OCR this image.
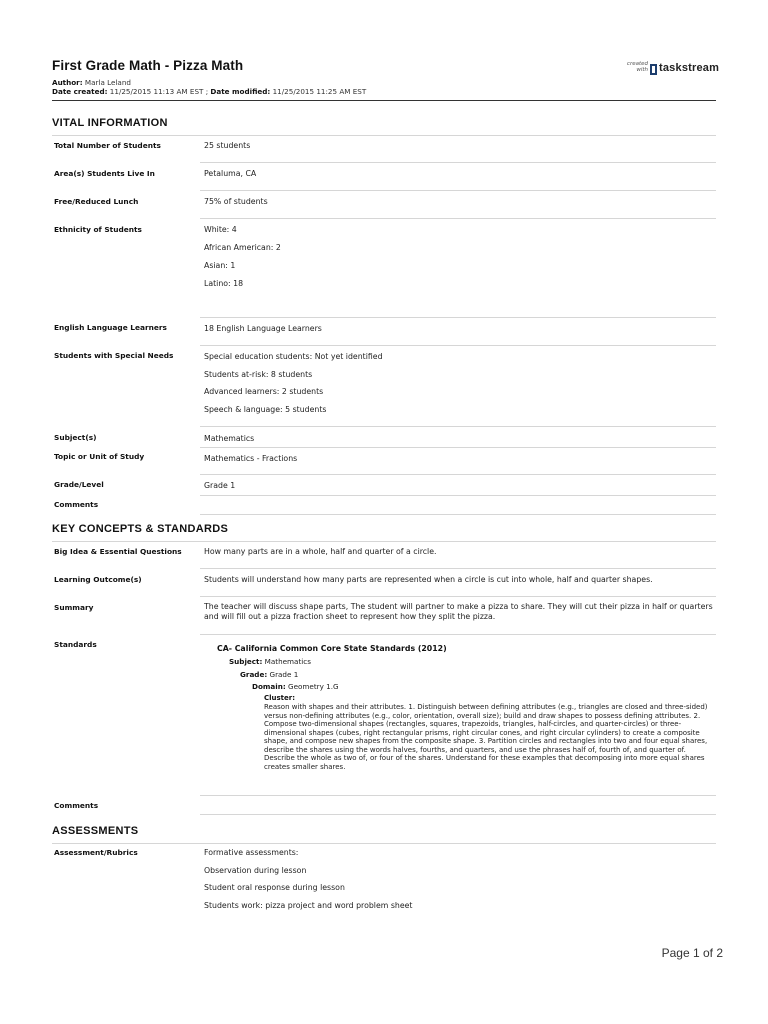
First Grade Math - Pizza Math
Author: Marla Leland
Date created: 11/25/2015 11:13 AM EST ; Date modified: 11/25/2015 11:25 AM EST
created with taskstream
VITAL INFORMATION
Total Number of Students	25 students
Area(s) Students Live In	Petaluma, CA
Free/Reduced Lunch	75% of students
Ethnicity of Students	White: 4
African American: 2
Asian: 1
Latino: 18
English Language Learners	18 English Language Learners
Students with Special Needs	Special education students: Not yet identified
Students at-risk: 8 students
Advanced learners: 2 students
Speech & language: 5 students
Subject(s)	Mathematics
Topic or Unit of Study	Mathematics - Fractions
Grade/Level	Grade 1
Comments
KEY CONCEPTS & STANDARDS
Big Idea & Essential Questions	How many parts are in a whole, half and quarter of a circle.
Learning Outcome(s)	Students will understand how many parts are represented when a circle is cut into whole, half and quarter shapes.
Summary	The teacher will discuss shape parts, The student will partner to make a pizza to share. They will cut their pizza in half or quarters and will fill out a pizza fraction sheet to represent how they split the pizza.
Standards	CA- California Common Core State Standards (2012)
Subject: Mathematics
Grade: Grade 1
Domain: Geometry 1.G
Cluster:
Reason with shapes and their attributes. 1. Distinguish between defining attributes (e.g., triangles are closed and three-sided) versus non-defining attributes (e.g., color, orientation, overall size); build and draw shapes to possess defining attributes. 2. Compose two-dimensional shapes (rectangles, squares, trapezoids, triangles, half-circles, and quarter-circles) or three-dimensional shapes (cubes, right rectangular prisms, right circular cones, and right circular cylinders) to create a composite shape, and compose new shapes from the composite shape. 3. Partition circles and rectangles into two and four equal shares, describe the shares using the words halves, fourths, and quarters, and use the phrases half of, fourth of, and quarter of. Describe the whole as two of, or four of the shares. Understand for these examples that decomposing into more equal shares creates smaller shares.
Comments
ASSESSMENTS
Assessment/Rubrics	Formative assessments:
Observation during lesson
Student oral response during lesson
Students work: pizza project and word problem sheet
Page 1 of 2
